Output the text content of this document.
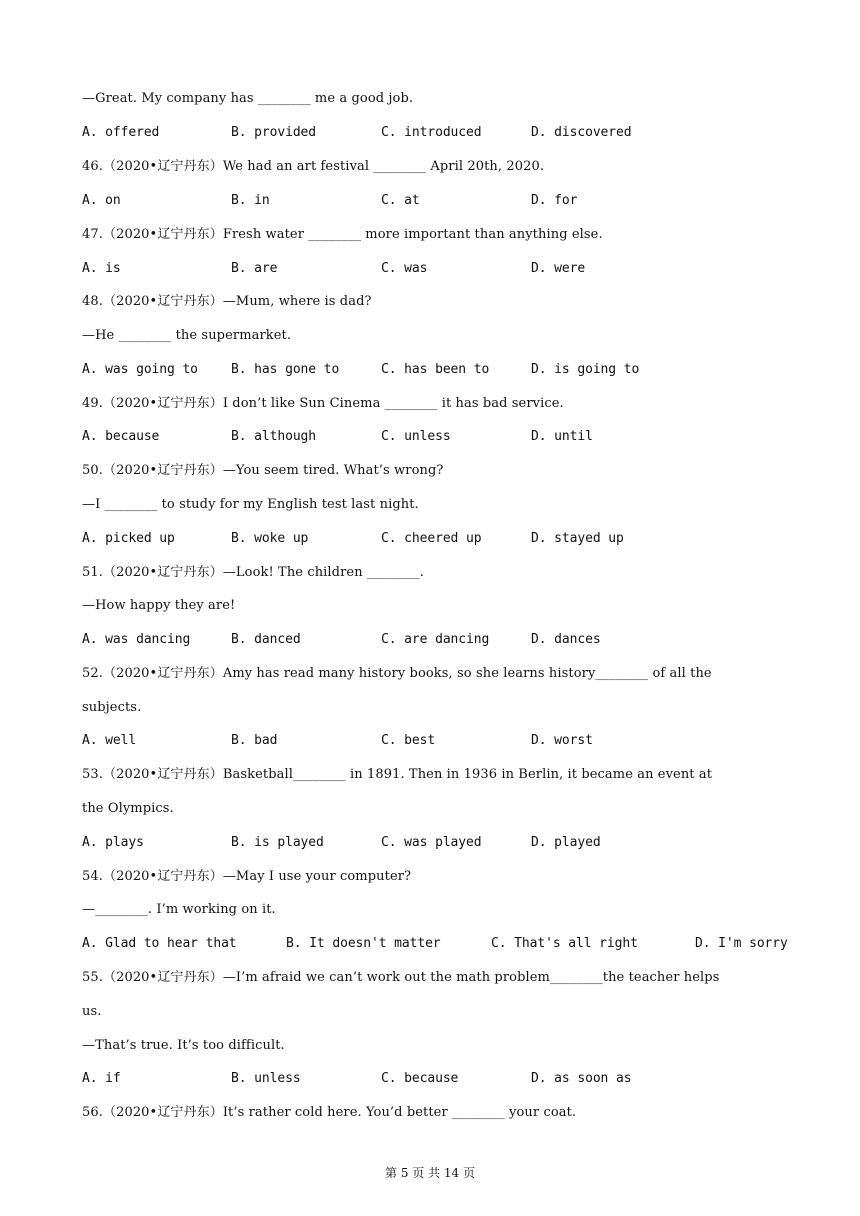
—Great. My company has ________ me a good job.
A. offered	B. provided	C. introduced	D. discovered
46.（2020•辽宁丹东）We had an art festival ________ April 20th, 2020.
A. on	B. in	C. at	D. for
47.（2020•辽宁丹东）Fresh water ________ more important than anything else.
A. is	B. are	C. was	D. were
48.（2020•辽宁丹东）—Mum, where is dad?
—He ________ the supermarket.
A. was going to	B. has gone to	C. has been to	D. is going to
49.（2020•辽宁丹东）I don’t like Sun Cinema ________ it has bad service.
A. because	B. although	C. unless	D. until
50.（2020•辽宁丹东）—You seem tired. What’s wrong?
—I ________ to study for my English test last night.
A. picked up	B. woke up	C. cheered up	D. stayed up
51.（2020•辽宁丹东）—Look! The children ________.
—How happy they are!
A. was dancing	B. danced	C. are dancing	D. dances
52.（2020•辽宁丹东）Amy has read many history books, so she learns history________ of all the
subjects.
A. well	B. bad	C. best	D. worst
53.（2020•辽宁丹东）Basketball________ in 1891. Then in 1936 in Berlin, it became an event at
the Olympics.
A. plays	B. is played	C. was played	D. played
54.（2020•辽宁丹东）—May I use your computer?
—________. I’m working on it.
A. Glad to hear that	B. It doesn't matter	C. That's all right	D. I'm sorry
55.（2020•辽宁丹东）—I’m afraid we can’t work out the math problem________the teacher helps
us.
—That’s true. It’s too difficult.
A. if	B. unless	C. because	D. as soon as
56.（2020•辽宁丹东）It’s rather cold here. You’d better ________ your coat.
第 5 页 共 14 页
